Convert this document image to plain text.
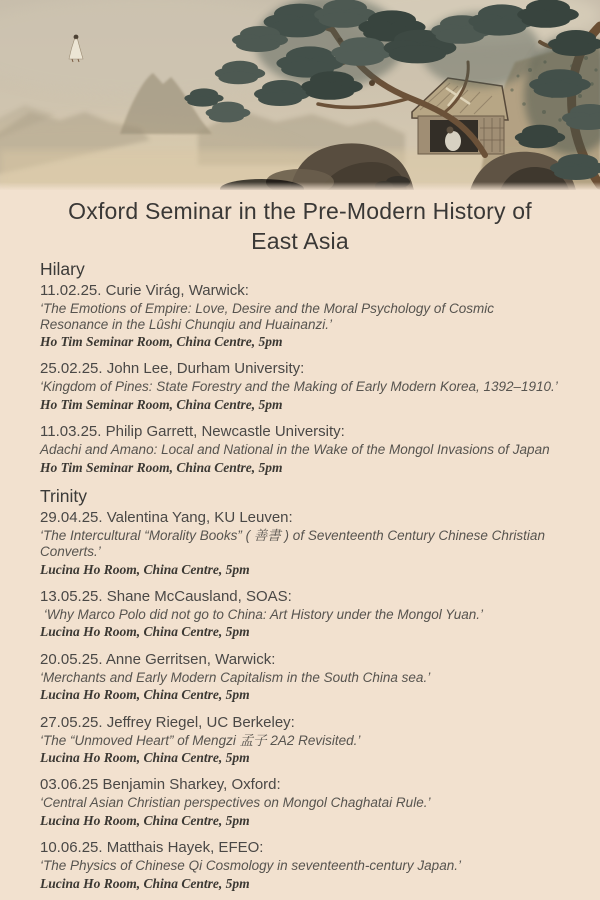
Oxford Seminar in the Pre-Modern History of
East Asia
Hilary
11.02.25. Curie Virág, Warwick:
‘The Emotions of Empire: Love, Desire and the Moral Psychology of Cosmic Resonance in the Lûshi Chunqiu and Huainanzi.’
Ho Tim Seminar Room, China Centre, 5pm
25.02.25. John Lee, Durham University:
‘Kingdom of Pines: State Forestry and the Making of Early Modern Korea, 1392–1910.’
Ho Tim Seminar Room, China Centre, 5pm
11.03.25. Philip Garrett, Newcastle University:
Adachi and Amano: Local and National in the Wake of the Mongol Invasions of Japan
Ho Tim Seminar Room, China Centre, 5pm
Trinity
29.04.25. Valentina Yang, KU Leuven:
‘The Intercultural “Morality Books” ( 善書 ) of Seventeenth Century Chinese Christian Converts.’
Lucina Ho Room, China Centre, 5pm
13.05.25. Shane McCausland, SOAS:
‘Why Marco Polo did not go to China: Art History under the Mongol Yuan.’
Lucina Ho Room, China Centre, 5pm
20.05.25. Anne Gerritsen, Warwick:
‘Merchants and Early Modern Capitalism in the South China sea.’
Lucina Ho Room, China Centre, 5pm
27.05.25. Jeffrey Riegel, UC Berkeley:
‘The “Unmoved Heart” of Mengzi 孟子 2A2 Revisited.’
Lucina Ho Room, China Centre, 5pm
03.06.25 Benjamin Sharkey, Oxford:
‘Central Asian Christian perspectives on Mongol Chaghatai Rule.’
Lucina Ho Room, China Centre, 5pm
10.06.25. Matthais Hayek, EFEO:
‘The Physics of Chinese Qi Cosmology in seventeenth-century Japan.’
Lucina Ho Room, China Centre, 5pm
